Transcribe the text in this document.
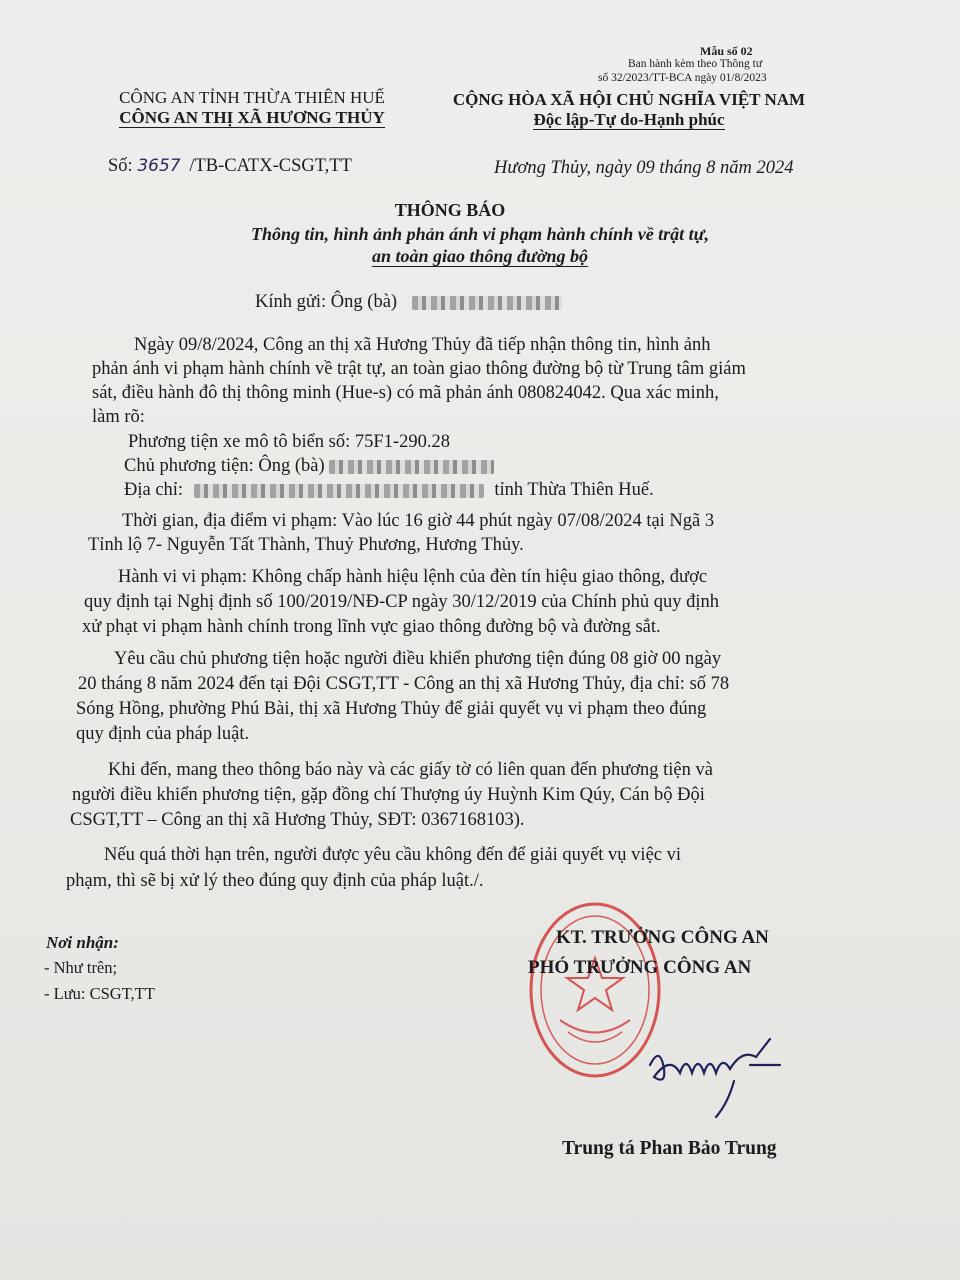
Mẫu số 02
Ban hành kèm theo Thông tư
số 32/2023/TT-BCA ngày 01/8/2023
CÔNG AN TỈNH THỪA THIÊN HUẾ
CÔNG AN THỊ XÃ HƯƠNG THỦY
CỘNG HÒA XÃ HỘI CHỦ NGHĨA VIỆT NAM
Độc lập-Tự do-Hạnh phúc
Số: 3657 /TB-CATX-CSGT,TT	Hương Thủy, ngày 09 tháng 8 năm 2024
THÔNG BÁO
Thông tin, hình ảnh phản ánh vi phạm hành chính về trật tự,
an toàn giao thông đường bộ
Kính gửi: Ông (bà)
Ngày 09/8/2024, Công an thị xã Hương Thủy đã tiếp nhận thông tin, hình ảnh
phản ánh vi phạm hành chính về trật tự, an toàn giao thông đường bộ từ Trung tâm giám
sát, điều hành đô thị thông minh (Hue-s) có mã phản ánh 080824042. Qua xác minh,
làm rõ:
Phương tiện xe mô tô biển số: 75F1-290.28
Chủ phương tiện: Ông (bà)
Địa chỉ:	tỉnh Thừa Thiên Huế.
Thời gian, địa điểm vi phạm: Vào lúc 16 giờ 44 phút ngày 07/08/2024 tại Ngã 3
Tỉnh lộ 7- Nguyễn Tất Thành, Thuỷ Phương, Hương Thủy.
Hành vi vi phạm: Không chấp hành hiệu lệnh của đèn tín hiệu giao thông, được
quy định tại Nghị định số 100/2019/NĐ-CP ngày 30/12/2019 của Chính phủ quy định
xử phạt vi phạm hành chính trong lĩnh vực giao thông đường bộ và đường sắt.
Yêu cầu chủ phương tiện hoặc người điều khiển phương tiện đúng 08 giờ 00 ngày
20 tháng 8 năm 2024 đến tại Đội CSGT,TT - Công an thị xã Hương Thủy, địa chỉ: số 78
Sóng Hồng, phường Phú Bài, thị xã Hương Thủy để giải quyết vụ vi phạm theo đúng
quy định của pháp luật.
Khi đến, mang theo thông báo này và các giấy tờ có liên quan đến phương tiện và
người điều khiển phương tiện, gặp đồng chí Thượng úy Huỳnh Kim Qúy, Cán bộ Đội
CSGT,TT – Công an thị xã Hương Thủy, SĐT: 0367168103).
Nếu quá thời hạn trên, người được yêu cầu không đến để giải quyết vụ việc vi
phạm, thì sẽ bị xử lý theo đúng quy định của pháp luật./.
Nơi nhận:
- Như trên;
- Lưu: CSGT,TT
KT. TRƯỞNG CÔNG AN
PHÓ TRƯỞNG CÔNG AN
Trung tá Phan Bảo Trung
